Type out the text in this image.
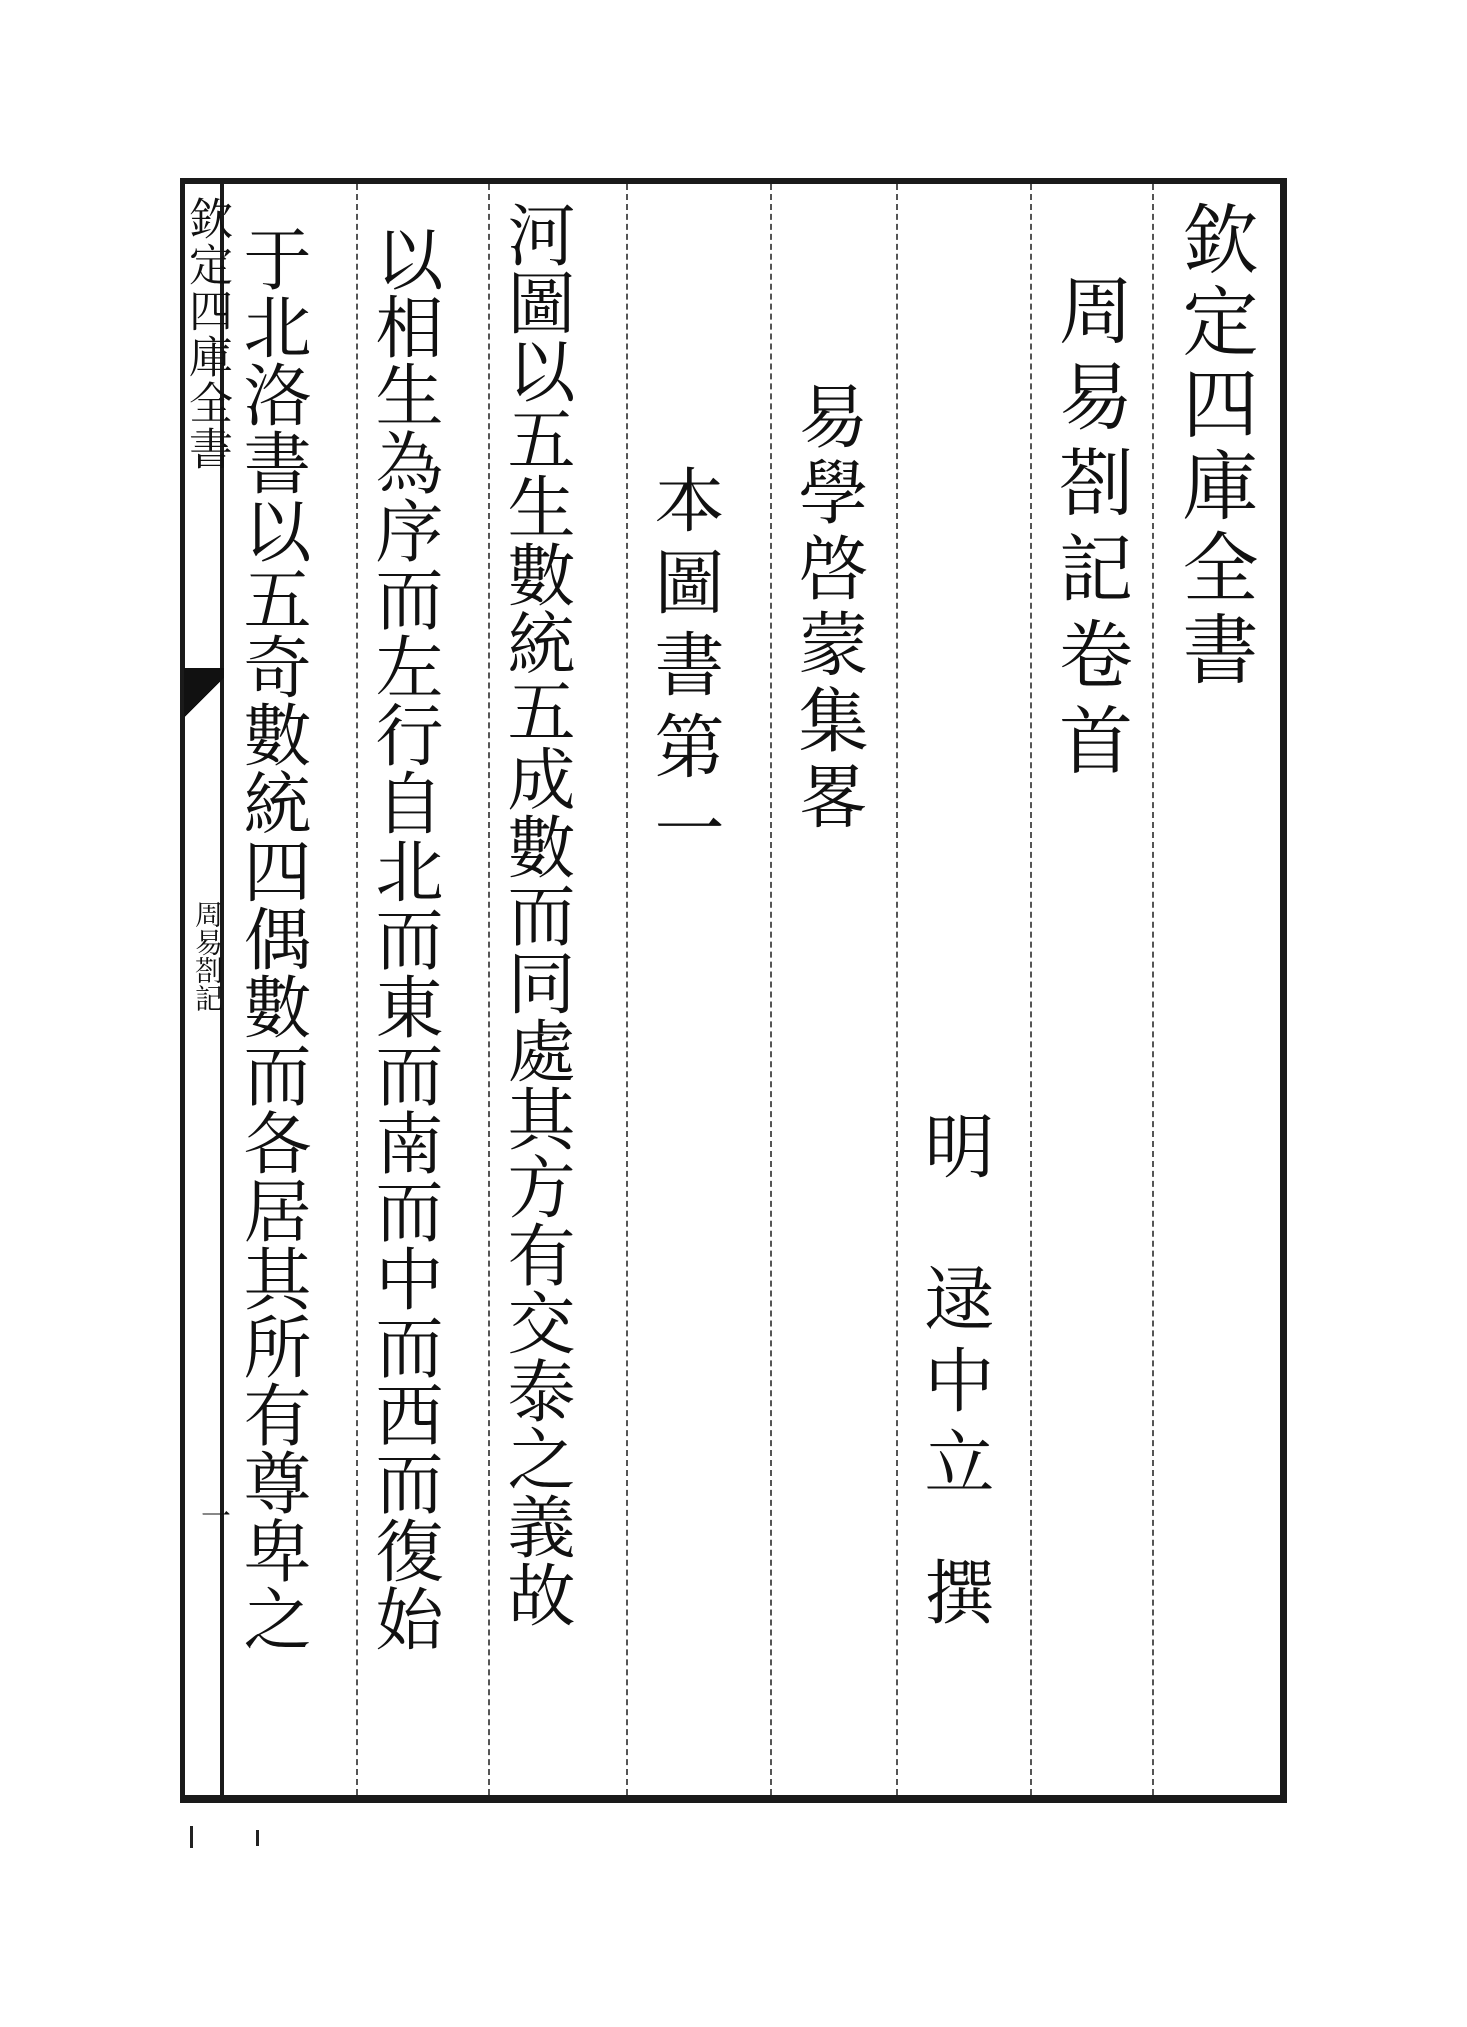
欽定四庫全書
周易剳記
一
欽定四庫全書
周易剳記卷首
明
逯中立
撰
易學啓蒙集畧
本圖書第一
河圖以五生數統五成數而同處其方有交泰之義故
以相生為序而左行自北而東而南而中而西而復始
于北洛書以五奇數統四偶數而各居其所有尊卑之
